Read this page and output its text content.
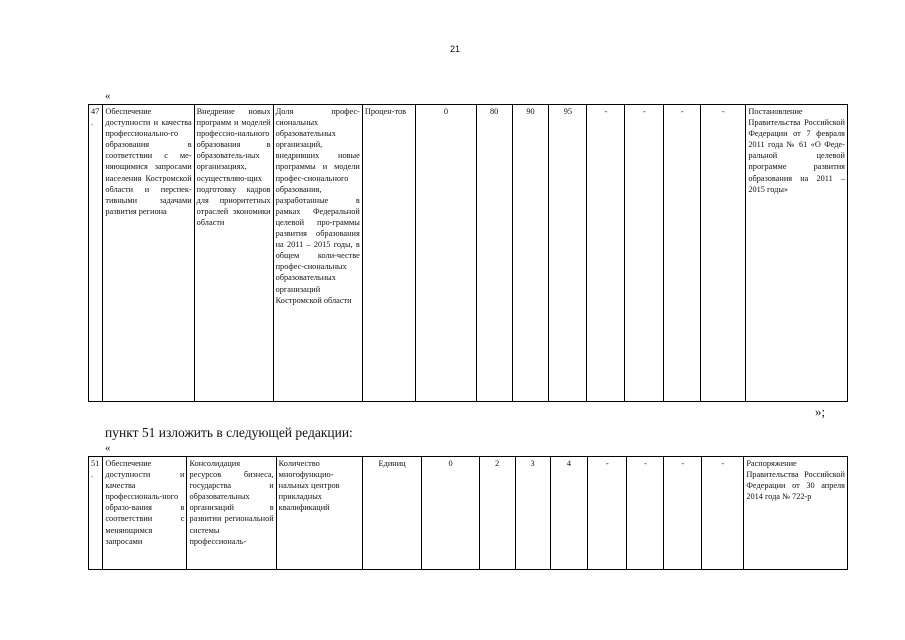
21
«
47.	Обеспечение доступности и качества профессионально-го образования в соответствии с ме-няющимися запросами населения Костромской области и перспек-тивными задачами развития региона	Внедрение новых программ и моделей профессио-нального образования в образователь-ных организациях, осуществляю-щих подготовку кадров для приоритетных отраслей экономики области	Доля профес-сиональных образовательных организаций, внедривших новые программы и модели профес-сионального образования, разработанные в рамках Федеральной целевой про-граммы развития образования на 2011 – 2015 годы, в общем коли-честве профес-сиональных образовательных организаций Костромской области	Процен-тов	0	80	90	95	-	-	-	-	Постановление Правительства Российской Федерации от 7 февраля 2011 года № 61 «О Феде-ральной целевой программе развития образования на 2011 – 2015 годы»
»;
пункт 51 изложить в следующей редакции:
«
51.	Обеспечение доступности и качества профессиональ-ного образо-вания в соответствии с меняющимся запросами	Консолидация ресурсов бизнеса, государства и образовательных организаций в развитии региональной системы профессиональ-	Количество многофункцио-нальных центров прикладных квалификаций	Единиц	0	2	3	4	-	-	-	-	Распоряжение Правительства Российской Федерации от 30 апреля 2014 года № 722-р
